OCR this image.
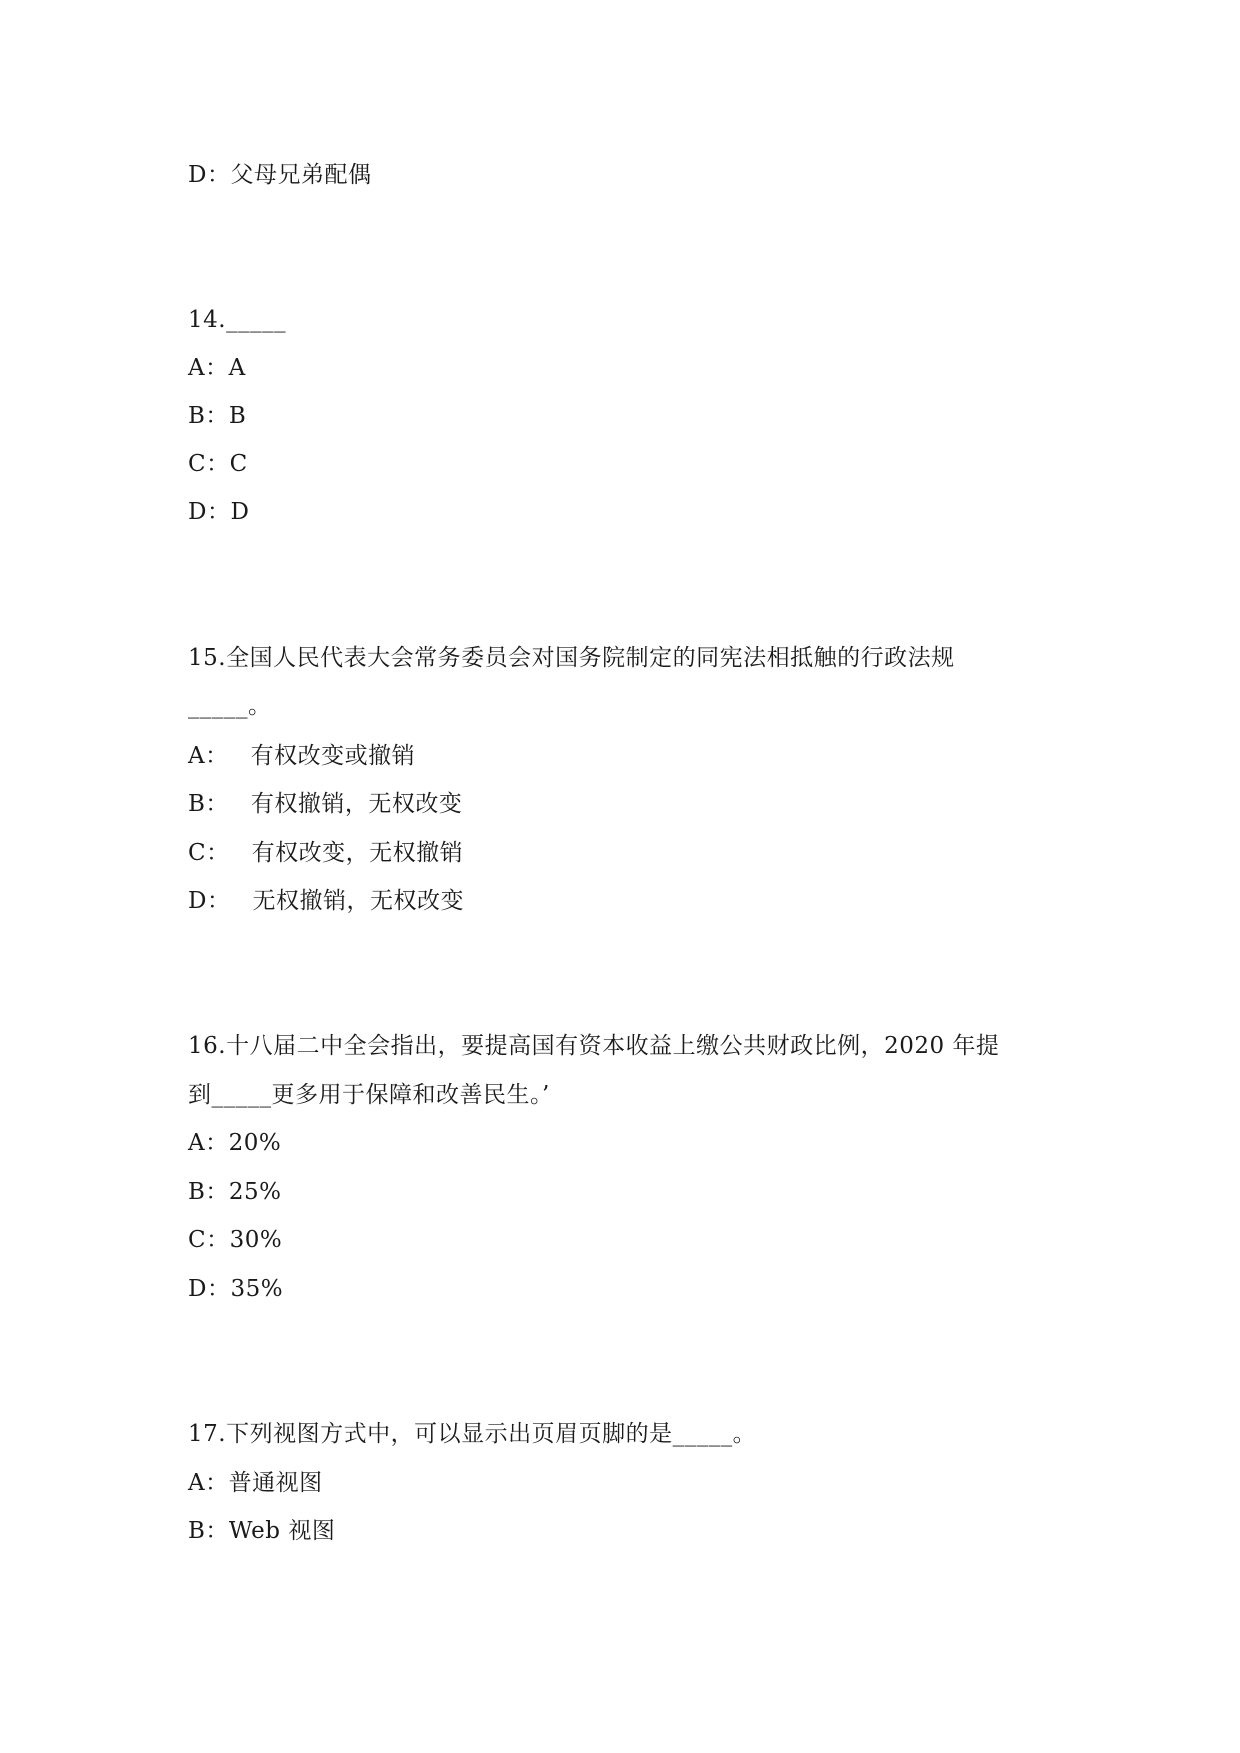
D：父母兄弟配偶
14._____
A：A
B：B
C：C
D：D
15.全国人民代表大会常务委员会对国务院制定的同宪法相抵触的行政法规
_____。
A： 有权改变或撤销
B： 有权撤销，无权改变
C： 有权改变，无权撤销
D： 无权撤销，无权改变
16.十八届二中全会指出，要提高国有资本收益上缴公共财政比例，2020 年提
到_____更多用于保障和改善民生。’
A：20%
B：25%
C：30%
D：35%
17.下列视图方式中，可以显示出页眉页脚的是_____。
A：普通视图
B：Web 视图
